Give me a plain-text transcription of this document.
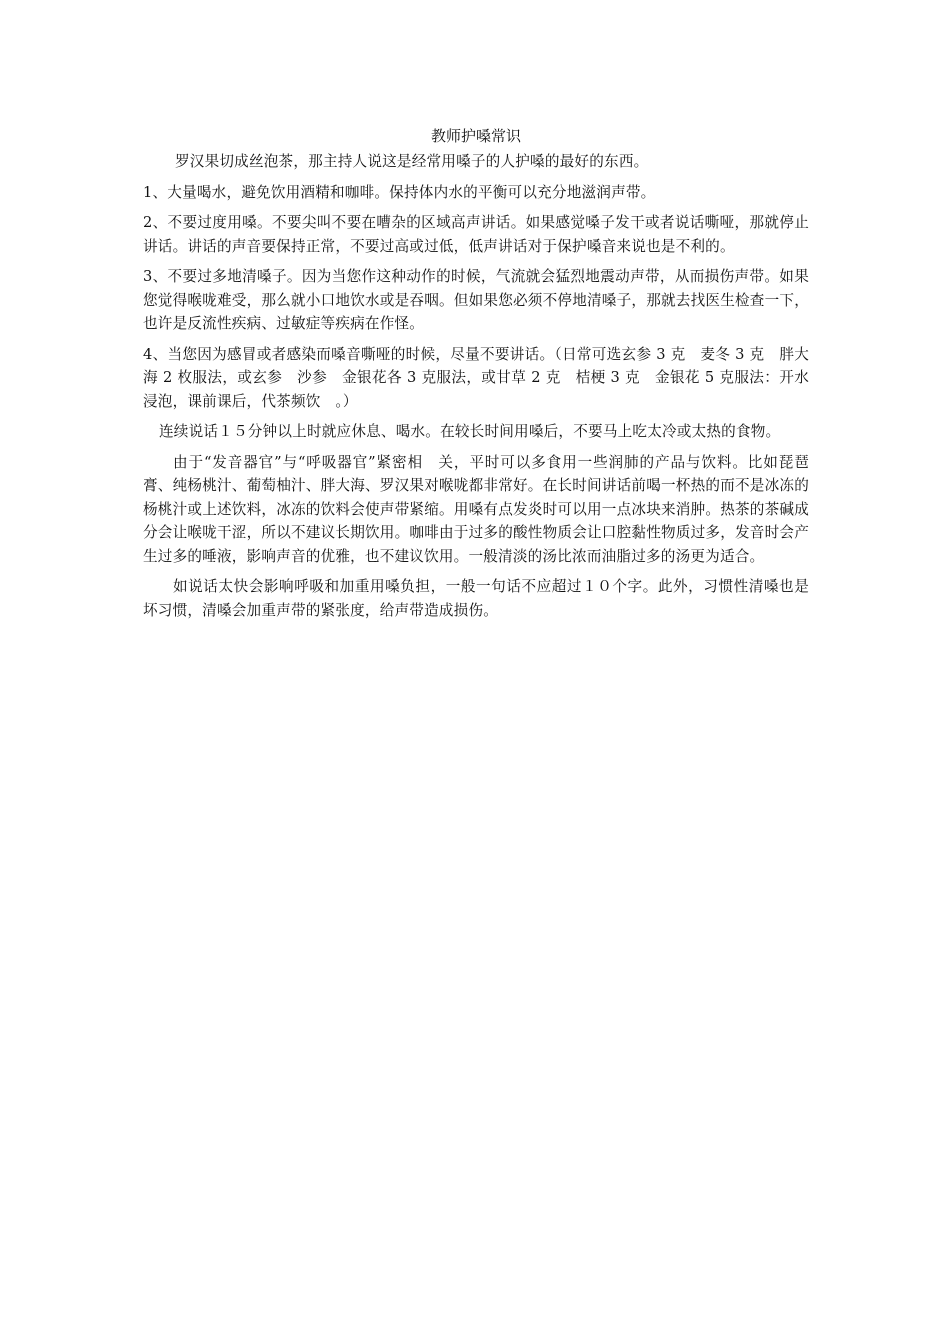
教师护嗓常识

罗汉果切成丝泡茶，那主持人说这是经常用嗓子的人护嗓的最好的东西。

1、大量喝水，避免饮用酒精和咖啡。保持体内水的平衡可以充分地滋润声带。

2、不要过度用嗓。不要尖叫不要在嘈杂的区域高声讲话。如果感觉嗓子发干或者说话嘶哑，那就停止讲话。讲话的声音要保持正常，不要过高或过低，低声讲话对于保护嗓音来说也是不利的。

3、不要过多地清嗓子。因为当您作这种动作的时候，气流就会猛烈地震动声带，从而损伤声带。如果您觉得喉咙难受，那么就小口地饮水或是吞咽。但如果您必须不停地清嗓子，那就去找医生检查一下，也许是反流性疾病、过敏症等疾病在作怪。

4、当您因为感冒或者感染而嗓音嘶哑的时候，尽量不要讲话。（日常可选玄参 3 克　麦冬 3 克　胖大海 2 枚服法，或玄参　沙参　金银花各 3 克服法，或甘草 2 克　桔梗 3 克　金银花 5 克服法：开水浸泡，课前课后，代茶频饮　。）

连续说话１５分钟以上时就应休息、喝水。在较长时间用嗓后，不要马上吃太冷或太热的食物。

由于“发音器官”与“呼吸器官”紧密相　关，平时可以多食用一些润肺的产品与饮料。比如琵琶膏、纯杨桃汁、葡萄柚汁、胖大海、罗汉果对喉咙都非常好。在长时间讲话前喝一杯热的而不是冰冻的杨桃汁或上述饮料，冰冻的饮料会使声带紧缩。用嗓有点发炎时可以用一点冰块来消肿。热茶的茶碱成分会让喉咙干涩，所以不建议长期饮用。咖啡由于过多的酸性物质会让口腔黏性物质过多，发音时会产生过多的唾液，影响声音的优雅，也不建议饮用。一般清淡的汤比浓而油脂过多的汤更为适合。

如说话太快会影响呼吸和加重用嗓负担，一般一句话不应超过１０个字。此外，习惯性清嗓也是坏习惯，清嗓会加重声带的紧张度，给声带造成损伤。
